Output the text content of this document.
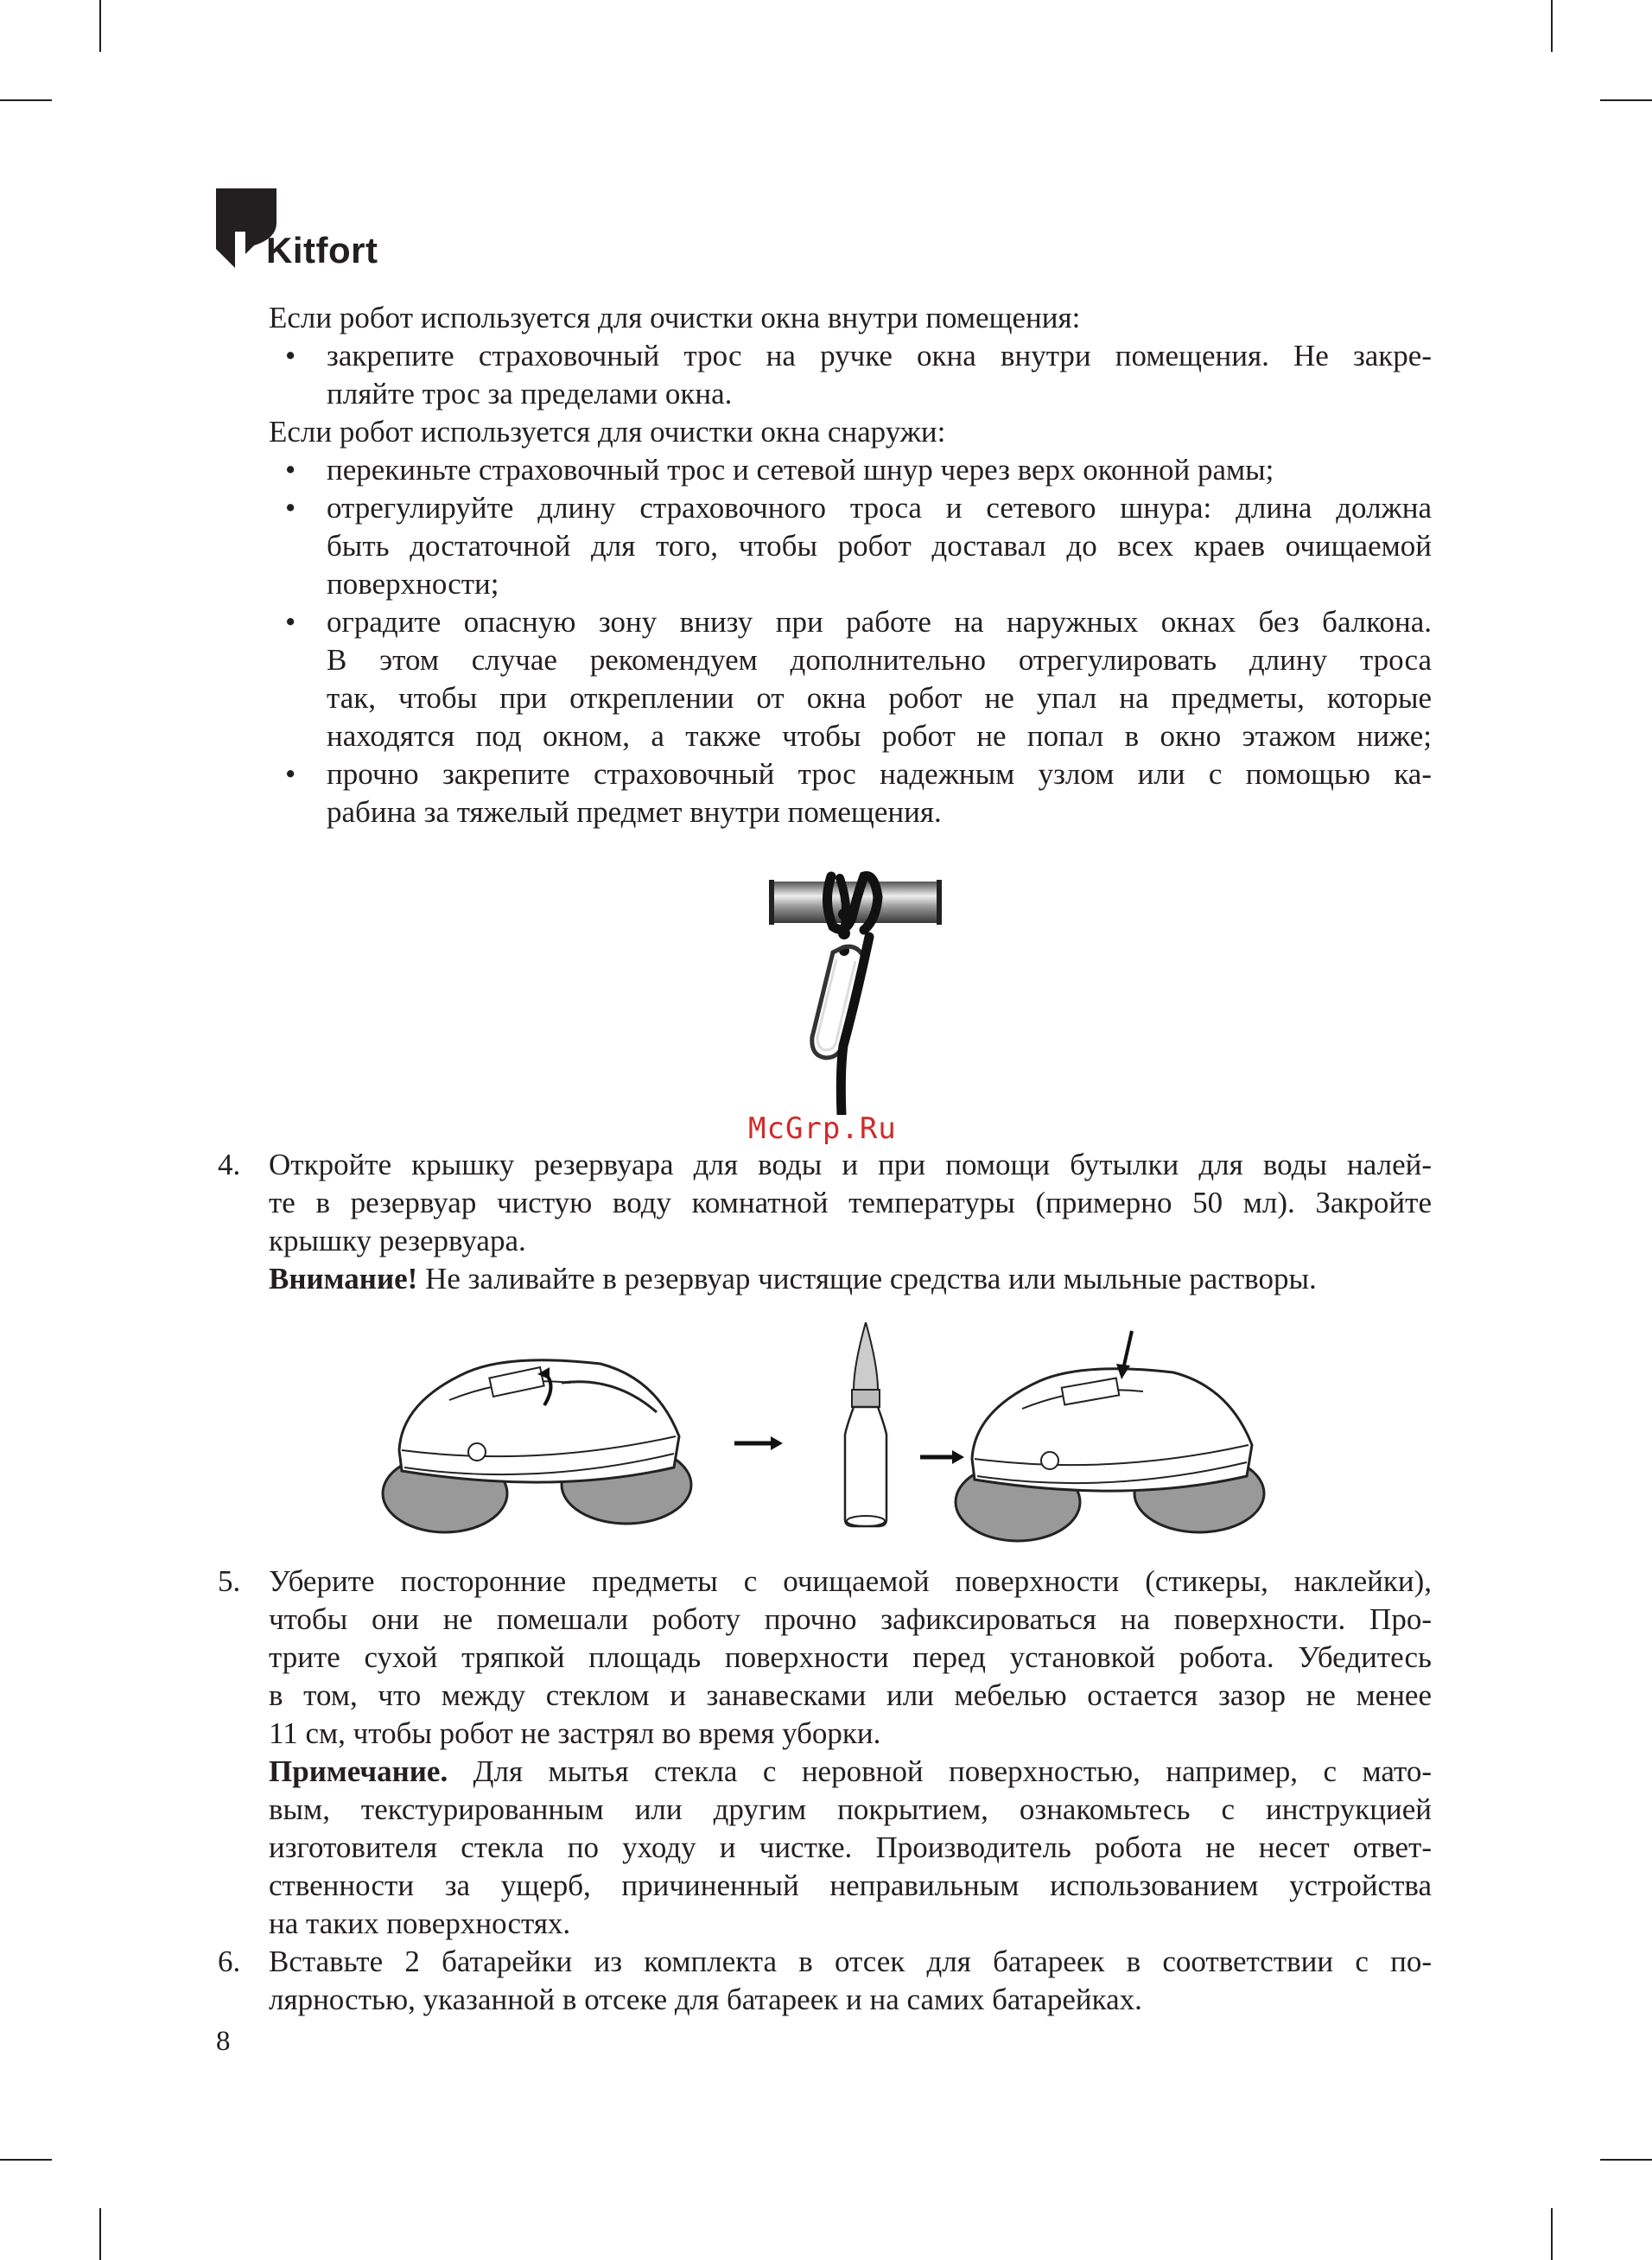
Kitfort
Если робот используется для очистки окна внутри помещения:
• закрепите страховочный трос на ручке окна внутри помещения. Не закре-
пляйте трос за пределами окна.
Если робот используется для очистки окна снаружи:
• перекиньте страховочный трос и сетевой шнур через верх оконной рамы;
• отрегулируйте длину страховочного троса и сетевого шнура: длина должна
быть достаточной для того, чтобы робот доставал до всех краев очищаемой
поверхности;
• оградите опасную зону внизу при работе на наружных окнах без балкона.
В этом случае рекомендуем дополнительно отрегулировать длину троса
так, чтобы при откреплении от окна робот не упал на предметы, которые
находятся под окном, а также чтобы робот не попал в окно этажом ниже;
• прочно закрепите страховочный трос надежным узлом или с помощью ка-
рабина за тяжелый предмет внутри помещения.
McGrp.Ru
4. Откройте крышку резервуара для воды и при помощи бутылки для воды налей-
те в резервуар чистую воду комнатной температуры (примерно 50 мл). Закройте
крышку резервуара.
Внимание! Не заливайте в резервуар чистящие средства или мыльные растворы.
5. Уберите посторонние предметы с очищаемой поверхности (стикеры, наклейки),
чтобы они не помешали роботу прочно зафиксироваться на поверхности. Про-
трите сухой тряпкой площадь поверхности перед установкой робота. Убедитесь
в том, что между стеклом и занавесками или мебелью остается зазор не менее
11 см, чтобы робот не застрял во время уборки.
Примечание. Для мытья стекла с неровной поверхностью, например, с мато-
вым, текстурированным или другим покрытием, ознакомьтесь с инструкцией
изготовителя стекла по уходу и чистке. Производитель робота не несет ответ-
ственности за ущерб, причиненный неправильным использованием устройства
на таких поверхностях.
6. Вставьте 2 батарейки из комплекта в отсек для батареек в соответствии с по-
лярностью, указанной в отсеке для батареек и на самих батарейках.
8
